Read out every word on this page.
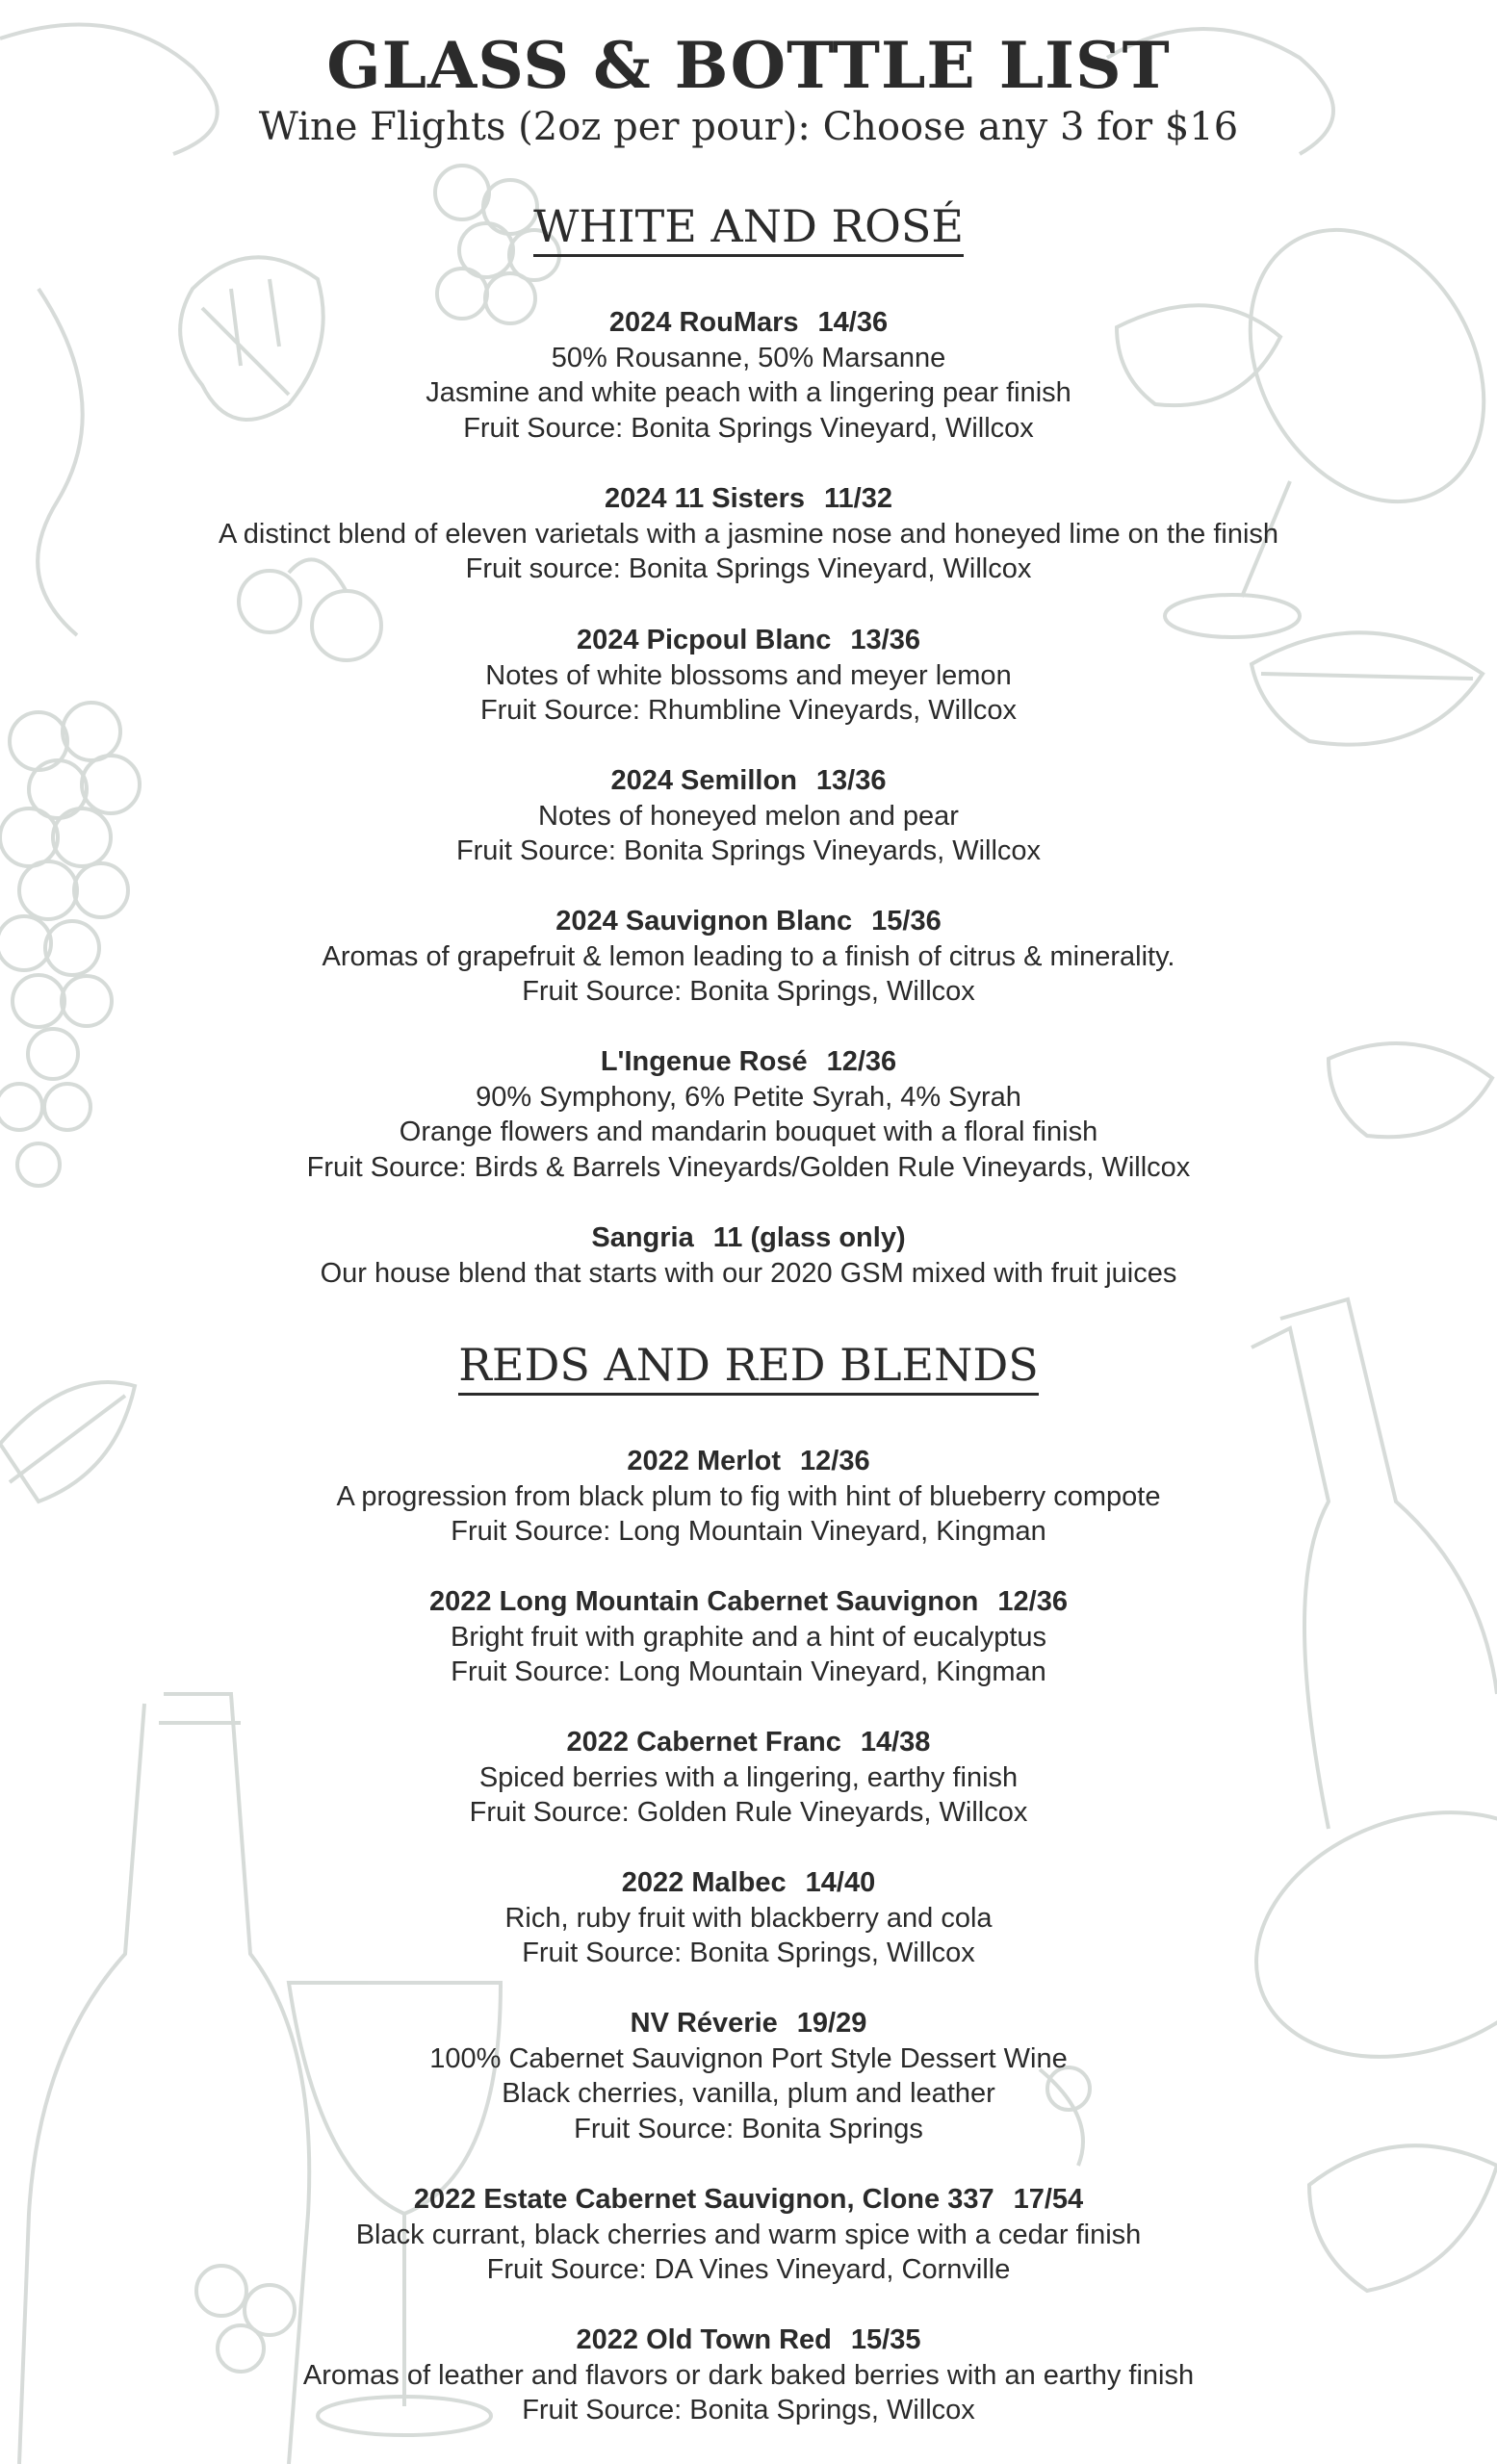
GLASS & BOTTLE LIST
Wine Flights (2oz per pour): Choose any 3 for $16
WHITE AND ROSÉ
2024 RouMars 14/36
50% Rousanne, 50% Marsanne
Jasmine and white peach with a lingering pear finish
Fruit Source: Bonita Springs Vineyard, Willcox
2024 11 Sisters 11/32
A distinct blend of eleven varietals with a jasmine nose and honeyed lime on the finish
Fruit source: Bonita Springs Vineyard, Willcox
2024 Picpoul Blanc 13/36
Notes of white blossoms and meyer lemon
Fruit Source: Rhumbline Vineyards, Willcox
2024 Semillon 13/36
Notes of honeyed melon and pear
Fruit Source: Bonita Springs Vineyards, Willcox
2024 Sauvignon Blanc 15/36
Aromas of grapefruit & lemon leading to a finish of citrus & minerality.
Fruit Source: Bonita Springs, Willcox
L'Ingenue Rosé 12/36
90% Symphony, 6% Petite Syrah, 4% Syrah
Orange flowers and mandarin bouquet with a floral finish
Fruit Source: Birds & Barrels Vineyards/Golden Rule Vineyards, Willcox
Sangria 11 (glass only)
Our house blend that starts with our 2020 GSM mixed with fruit juices
REDS AND RED BLENDS
2022 Merlot 12/36
A progression from black plum to fig with hint of blueberry compote
Fruit Source: Long Mountain Vineyard, Kingman
2022 Long Mountain Cabernet Sauvignon 12/36
Bright fruit with graphite and a hint of eucalyptus
Fruit Source: Long Mountain Vineyard, Kingman
2022 Cabernet Franc 14/38
Spiced berries with a lingering, earthy finish
Fruit Source: Golden Rule Vineyards, Willcox
2022 Malbec 14/40
Rich, ruby fruit with blackberry and cola
Fruit Source: Bonita Springs, Willcox
NV Réverie 19/29
100% Cabernet Sauvignon Port Style Dessert Wine
Black cherries, vanilla, plum and leather
Fruit Source: Bonita Springs
2022 Estate Cabernet Sauvignon, Clone 337 17/54
Black currant, black cherries and warm spice with a cedar finish
Fruit Source: DA Vines Vineyard, Cornville
2022 Old Town Red 15/35
Aromas of leather and flavors or dark baked berries with an earthy finish
Fruit Source: Bonita Springs, Willcox
